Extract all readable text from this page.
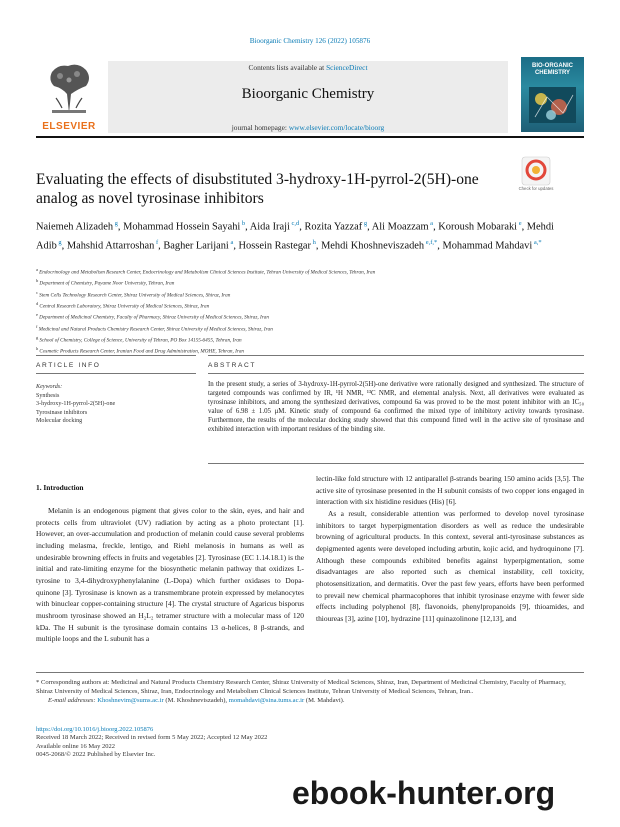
Bioorganic Chemistry 126 (2022) 105876
ELSEVIER
Contents lists available at ScienceDirect
Bioorganic Chemistry
journal homepage: www.elsevier.com/locate/bioorg
BIO-ORGANIC CHEMISTRY
Evaluating the effects of disubstituted 3-hydroxy-1H-pyrrol-2(5H)-one analog as novel tyrosinase inhibitors
Check for updates
Naiemeh Alizadeh $^g$, Mohammad Hossein Sayahi $^b$, Aida Iraji $^{c,d}$, Rozita Yazzaf $^g$, Ali Moazzam $^a$, Koroush Mobaraki $^e$, Mehdi Adib $^g$, Mahshid Attarroshan $^f$, Bagher Larijani $^a$, Hossein Rastegar $^h$, Mehdi Khoshneviszadeh $^{e,f,*}$, Mohammad Mahdavi $^{a,*}$
a Endocrinology and Metabolism Research Center, Endocrinology and Metabolism Clinical Sciences Institute, Tehran University of Medical Sciences, Tehran, Iran
b Department of Chemistry, Payame Noor University, Tehran, Iran
c Stem Cells Technology Research Center, Shiraz University of Medical Sciences, Shiraz, Iran
d Central Research Laboratory, Shiraz University of Medical Sciences, Shiraz, Iran
e Department of Medicinal Chemistry, Faculty of Pharmacy, Shiraz University of Medical Sciences, Shiraz, Iran
f Medicinal and Natural Products Chemistry Research Center, Shiraz University of Medical Sciences, Shiraz, Iran
g School of Chemistry, College of Science, University of Tehran, PO Box 14155-6455, Tehran, Iran
h Cosmetic Products Research Center, Iranian Food and Drug Administration, MOHE, Tehran, Iran
ARTICLE INFO	ABSTRACT
Keywords:
Synthesis
3-hydroxy-1H-pyrrol-2(5H)-one
Tyrosinase inhibitors
Molecular docking
In the present study, a series of 3-hydroxy-1H-pyrrol-2(5H)-one derivative were rationally designed and synthesized. The structure of targeted compounds was confirmed by IR, ¹H NMR, ¹³C NMR, and elemental analysis. Next, all derivatives were evaluated as tyrosinase inhibitors, and among the synthesized derivatives, compound 6a was proved to be the most potent inhibitor with an IC₅₀ value of 6.98 ± 1.05 μM. Kinetic study of compound 6a confirmed the mixed type of inhibitory activity towards tyrosinase. Furthermore, the results of the molecular docking study showed that this compound fitted well in the active site of tyrosinase and exhibited interaction with important residues of the binding site.
1. Introduction
Melanin is an endogenous pigment that gives color to the skin, eyes, and hair and protects cells from ultraviolet (UV) radiation by acting as a photo protectant [1]. However, an over-accumulation and production of melanin could cause several problems including melasma, freckle, lentigo, and Riehl melanosis in humans as well as undesirable browning effects in fruits and vegetables [2]. Tyrosinase (EC 1.14.18.1) is the initial and rate-limiting enzyme for the biosynthetic melanin pathway that oxidizes L-tyrosine to 3,4-dihydroxyphenylalanine (L-Dopa) which further oxidases to Dopa-quinone [3]. Tyrosinase is known as a transmembrane protein expressed by melanocytes with binuclear copper-containing structure [4]. The crystal structure of Agaricus bisporus mushroom tyrosinase showed an H₂L₂ tetramer structure with a molecular mass of 120 kDa. The H subunit is the tyrosinase domain contains 13 α-helices, 8 β-strands, and multiple loops and the L subunit has a
lectin-like fold structure with 12 antiparallel β-strands bearing 150 amino acids [3,5]. The active site of tyrosinase presented in the H subunit consists of two copper ions engaged in interaction with six histidine residues (His) [6].
As a result, considerable attention was performed to develop novel tyrosinase inhibitors to target hyperpigmentation disorders as well as reduce the undesirable browning of agricultural products. In this context, several anti-tyrosinase substances as depigmented agents were developed including arbutin, kojic acid, and hydroquinone [7]. Although these compounds exhibited benefits against hyperpigmentation, some disadvantages are also reported such as chemical instability, cell toxicity, photosensitization, and dermatitis. Over the past few years, efforts have been performed to prevail new chemical pharmacophores that inhibit tyrosinase enzyme with fewer side effects including polyphenol [8], flavonoids, phenylpropanoids [9], thioamides, and thioureas [3], azine [10], hydrazine [11] quinazolinone [12,13], and
* Corresponding authors at: Medicinal and Natural Products Chemistry Research Center, Shiraz University of Medical Sciences, Shiraz, Iran, Department of Medicinal Chemistry, Faculty of Pharmacy, Shiraz University of Medical Sciences, Shiraz, Iran, Endocrinology and Metabolism Clinical Sciences Institute, Tehran University of Medical Sciences, Tehran, Iran..
E-mail addresses: Khoshnevim@sums.ac.ir (M. Khoshneviszadeh), momahdavi@sina.tums.ac.ir (M. Mahdavi).
https://doi.org/10.1016/j.bioorg.2022.105876
Received 18 March 2022; Received in revised form 5 May 2022; Accepted 12 May 2022
Available online 16 May 2022
0045-2068/© 2022 Published by Elsevier Inc.
ebook-hunter.org
